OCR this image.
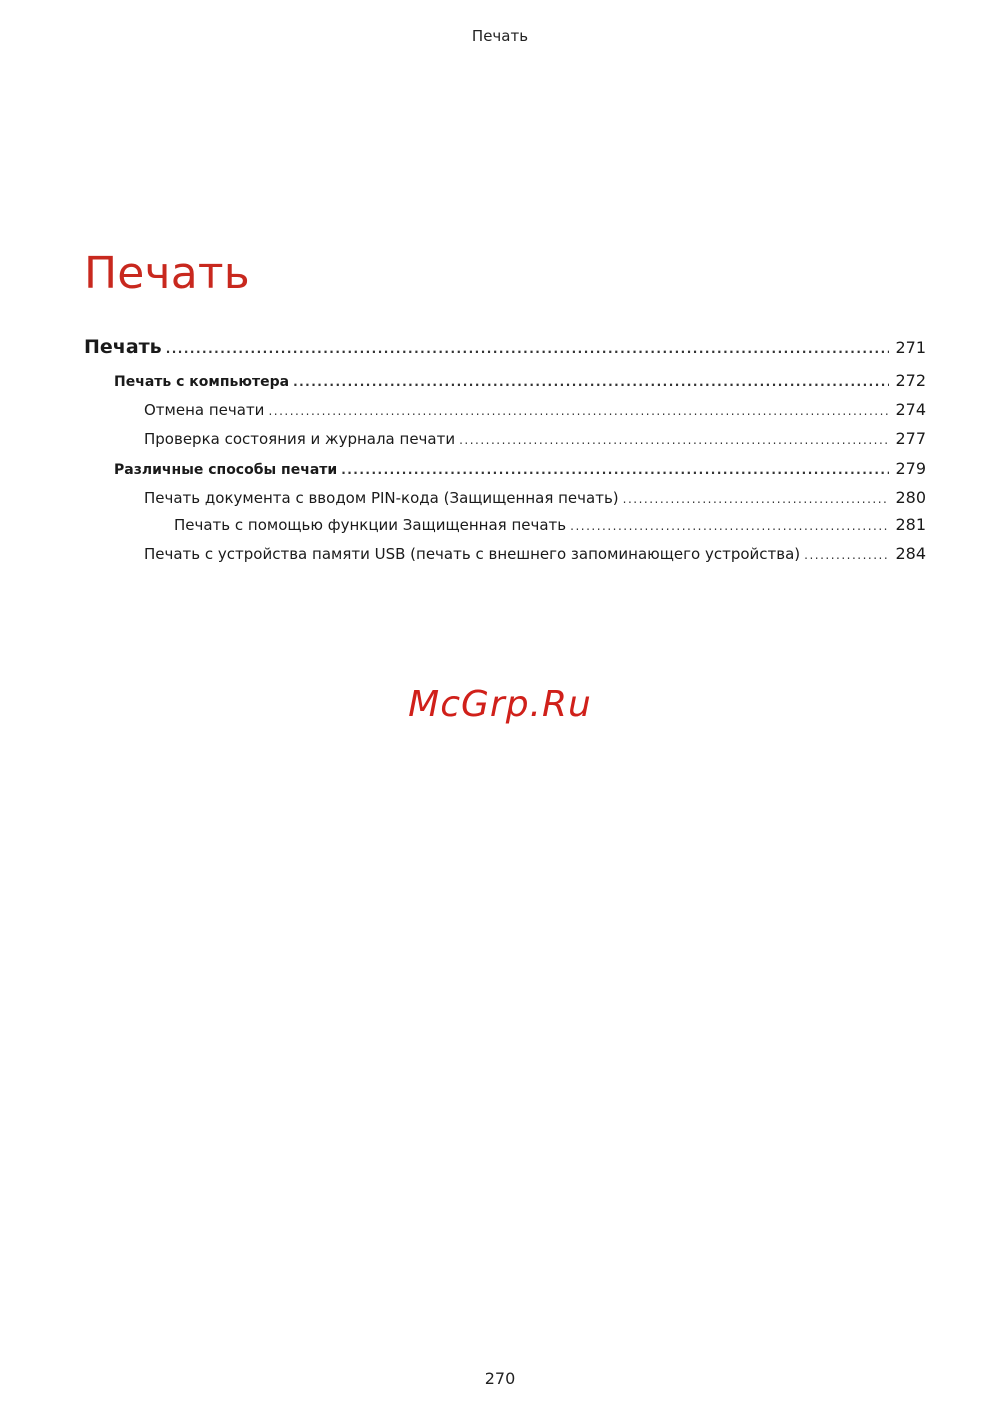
Печать
Печать
Печать .....	271
Печать с компьютера .....	272
Отмена печати .....	274
Проверка состояния и журнала печати .....	277
Различные способы печати .....	279
Печать документа с вводом PIN-кода (Защищенная печать) .....	280
Печать с помощью функции Защищенная печать .....	281
Печать с устройства памяти USB (печать с внешнего запоминающего устройства) .....	284
McGrp.Ru
270
